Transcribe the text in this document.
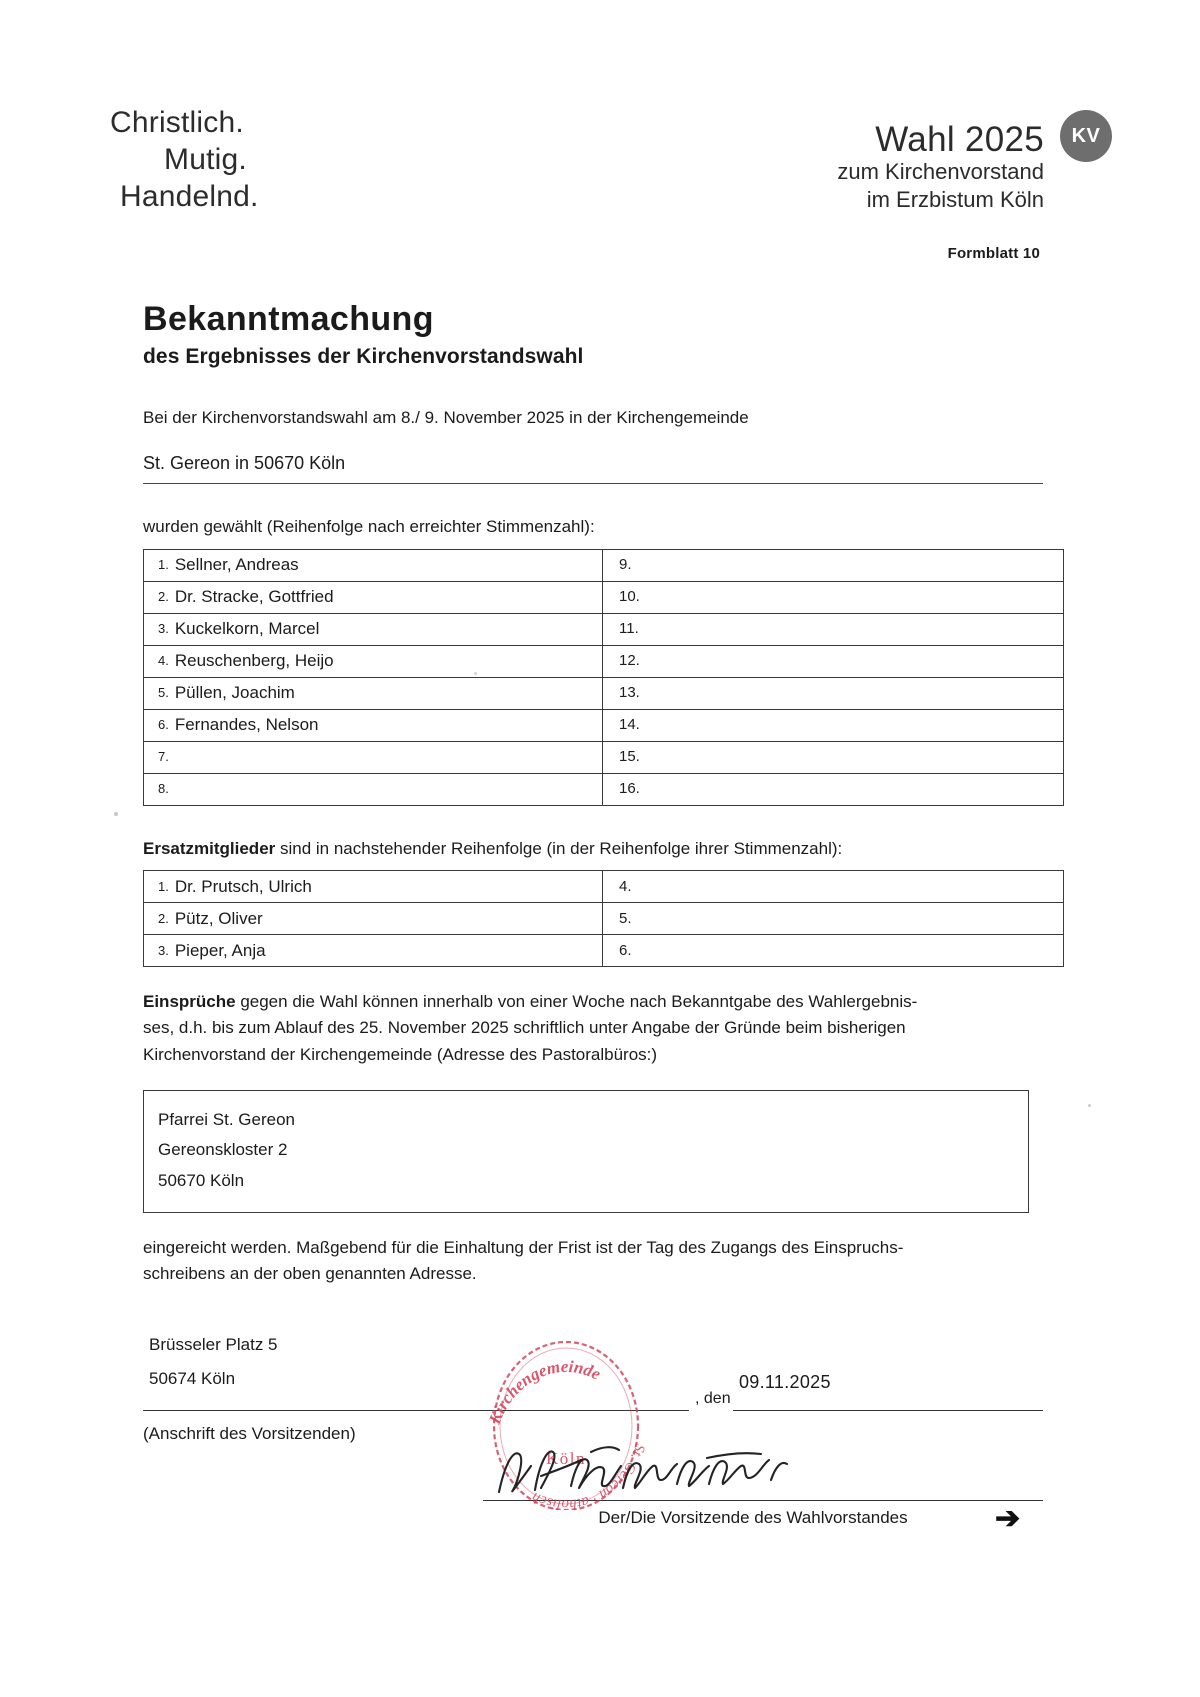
Christlich.
Mutig.
Handelnd.
Wahl 2025
zum Kirchenvorstand
im Erzbistum Köln
KV
Formblatt 10
Bekanntmachung
des Ergebnisses der Kirchenvorstandswahl

Bei der Kirchenvorstandswahl am 8./ 9. November 2025 in der Kirchengemeinde

St. Gereon in 50670 Köln

wurden gewählt (Reihenfolge nach erreichter Stimmenzahl):

1. Sellner, Andreas	9.
2. Dr. Stracke, Gottfried	10.
3. Kuckelkorn, Marcel	11.
4. Reuschenberg, Heijo	12.
5. Püllen, Joachim	13.
6. Fernandes, Nelson	14.
7.	15.
8.	16.

Ersatzmitglieder sind in nachstehender Reihenfolge (in der Reihenfolge ihrer Stimmenzahl):

1. Dr. Prutsch, Ulrich	4.
2. Pütz, Oliver	5.
3. Pieper, Anja	6.

Einsprüche gegen die Wahl können innerhalb von einer Woche nach Bekanntgabe des Wahlergebnis-
ses, d.h. bis zum Ablauf des 25. November 2025 schriftlich unter Angabe der Gründe beim bisherigen
Kirchenvorstand der Kirchengemeinde (Adresse des Pastoralbüros:)

Pfarrei St. Gereon
Gereonskloster 2
50670 Köln

eingereicht werden. Maßgebend für die Einhaltung der Frist ist der Tag des Zugangs des Einspruchs-
schreibens an der oben genannten Adresse.

Brüsseler Platz 5
50674 Köln
(Anschrift des Vorsitzenden)
, den
09.11.2025
Der/Die Vorsitzende des Wahlvorstandes	➔
Kirchengemeinde
St. Gereon · atholisch
Köln
